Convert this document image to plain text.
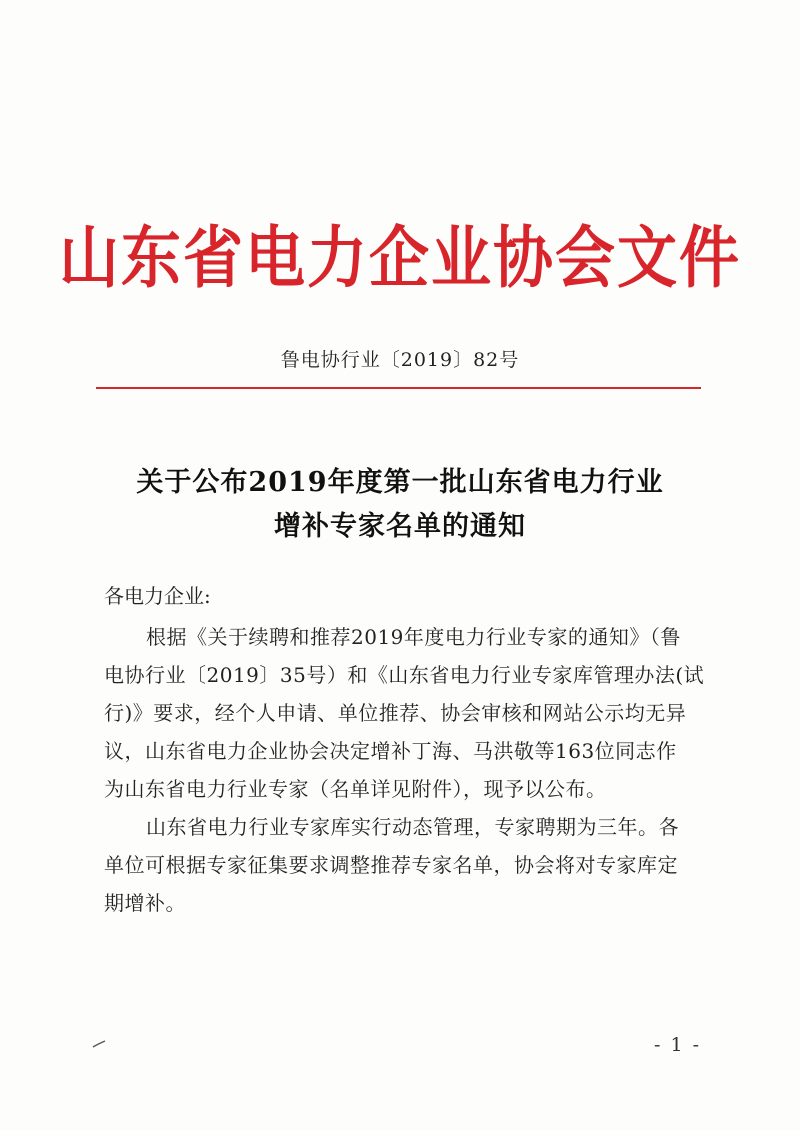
山东省电力企业协会文件
鲁电协行业〔2019〕82号
关于公布2019年度第一批山东省电力行业
增补专家名单的通知
各电力企业:
根据《关于续聘和推荐2019年度电力行业专家的通知》（鲁
电协行业〔2019〕35号）和《山东省电力行业专家库管理办法(试
行)》要求，经个人申请、单位推荐、协会审核和网站公示均无异
议，山东省电力企业协会决定增补丁海、马洪敬等163位同志作
为山东省电力行业专家（名单详见附件），现予以公布。
山东省电力行业专家库实行动态管理，专家聘期为三年。各
单位可根据专家征集要求调整推荐专家名单，协会将对专家库定
期增补。
- 1 -
